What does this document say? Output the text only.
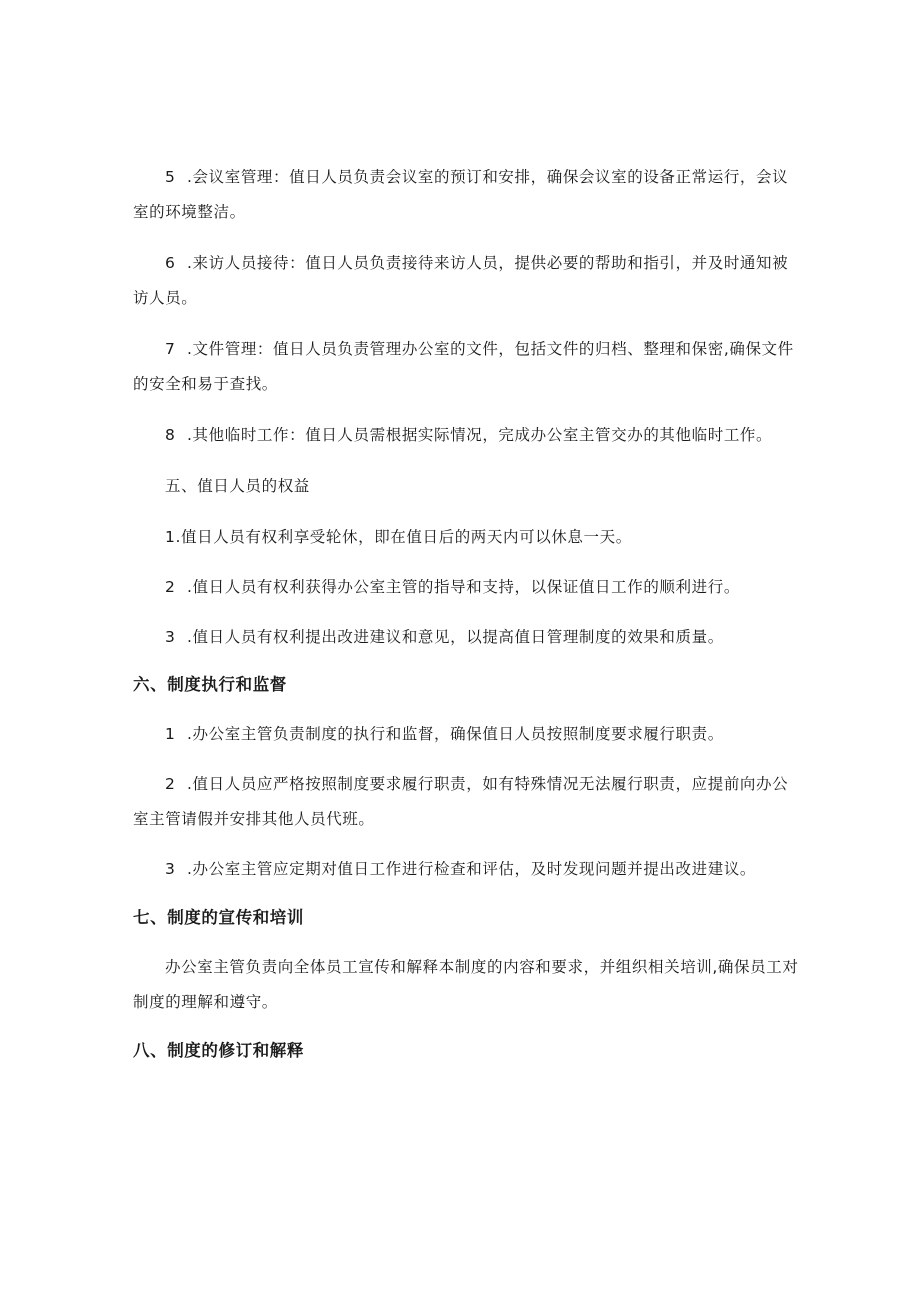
5 .会议室管理：值日人员负责会议室的预订和安排，确保会议室的设备正常运行，会议室的环境整洁。

6 .来访人员接待：值日人员负责接待来访人员，提供必要的帮助和指引，并及时通知被访人员。

7 .文件管理：值日人员负责管理办公室的文件，包括文件的归档、整理和保密,确保文件的安全和易于查找。

8 .其他临时工作：值日人员需根据实际情况，完成办公室主管交办的其他临时工作。

五、值日人员的权益

1.值日人员有权利享受轮休，即在值日后的两天内可以休息一天。

2 .值日人员有权利获得办公室主管的指导和支持，以保证值日工作的顺利进行。

3 .值日人员有权利提出改进建议和意见，以提高值日管理制度的效果和质量。

六、制度执行和监督

1 .办公室主管负责制度的执行和监督，确保值日人员按照制度要求履行职责。

2 .值日人员应严格按照制度要求履行职责，如有特殊情况无法履行职责，应提前向办公室主管请假并安排其他人员代班。

3 .办公室主管应定期对值日工作进行检查和评估，及时发现问题并提出改进建议。

七、制度的宣传和培训

办公室主管负责向全体员工宣传和解释本制度的内容和要求，并组织相关培训,确保员工对制度的理解和遵守。

八、制度的修订和解释
